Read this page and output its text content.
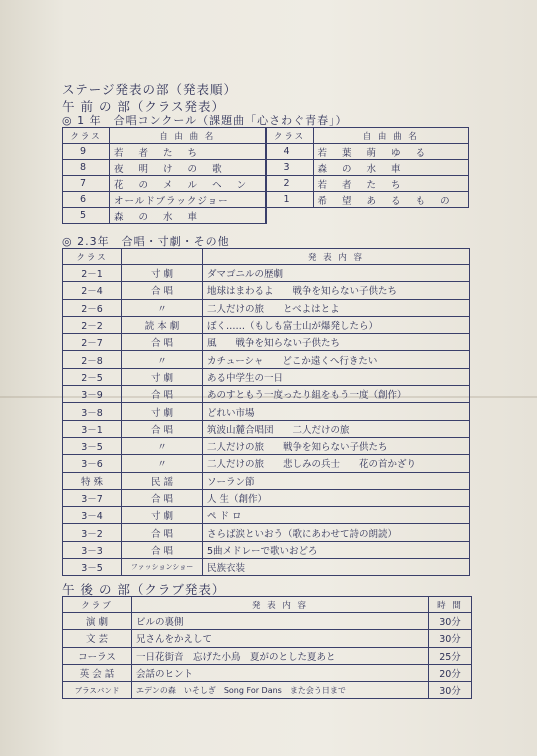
ステージ発表の部（発表順）
午 前 の 部（クラス発表）
◎ 1 年　合唱コンクール（課題曲「心さわぐ青春」）
クラス	自 由 曲 名	クラス	自 由 曲 名
9	若 者 た ち	4	若 葉 萌 ゆ る
8	夜 明 け の 歌	3	森 の 水 車
7	花 の メ ル ヘ ン	2	若 者 た ち
6	オールドブラックジョー	1	希 望 あ る も の
5	森 の 水 車		
◎ 2.3年　合唱・寸劇・その他
クラス		発 表 内 容
2－1	寸 劇	ダマゴニルの歴劇
2－4	合 唱	地球はまわるよ　　戦争を知らない子供たち
2－6	〃	二人だけの旅　　とべよはとよ
2－2	読 本 劇	ぼく……（もしも富士山が爆発したら）
2－7	合 唱	風　　戦争を知らない子供たち
2－8	〃	カチューシャ　　どこか遠くへ行きたい
2－5	寸 劇	ある中学生の一日
3－9	合 唱	あのすともう一度ったり組をもう一度（創作）
3－8	寸 劇	どれい市場
3－1	合 唱	筑波山麓合唱団　　二人だけの旅
3－5	〃	二人だけの旅　　戦争を知らない子供たち
3－6	〃	二人だけの旅　　悲しみの兵士　　花の首かざり
特 殊	民 謡	ソーラン節
3－7	合 唱	人 生（創作）
3－4	寸 劇	ペ ド ロ
3－2	合 唱	さらば涙といおう（歌にあわせて詩の朗読）
3－3	合 唱	5曲メドレーで歌いおどろ
3－5	ファッションショー	民族衣装
午 後 の 部（クラブ発表）
クラブ	発 表 内 容	時 間
演 劇	ビルの裏側	30分
文 芸	兄さんをかえして	30分
コーラス	一日花街音　忘げた小鳥　夏がのとした夏あと	25分
英 会 話	会話のヒント	20分
ブラスバンド	エデンの森　いそしぎ　Song For Dans　また会う日まで	30分
